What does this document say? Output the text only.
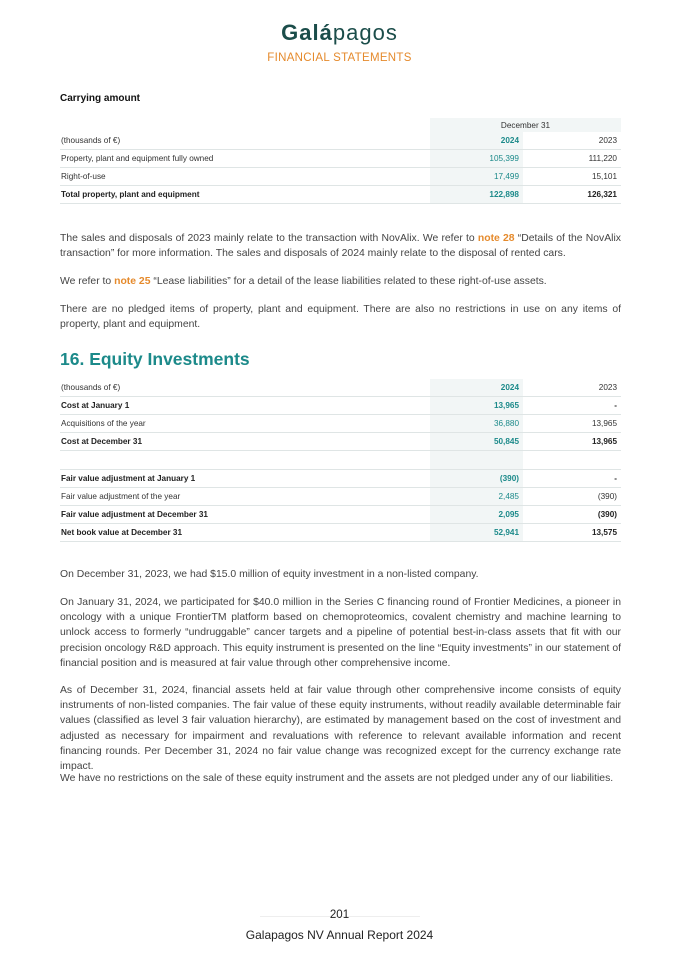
Galápagos
FINANCIAL STATEMENTS
Carrying amount
	December 31	
(thousands of €)	2024	2023
Property, plant and equipment fully owned	105,399	111,220
Right-of-use	17,499	15,101
Total property, plant and equipment	122,898	126,321

The sales and disposals of 2023 mainly relate to the transaction with NovAlix. We refer to note 28 “Details of the NovAlix transaction” for more information. The sales and disposals of 2024 mainly relate to the disposal of rented cars.

We refer to note 25 “Lease liabilities” for a detail of the lease liabilities related to these right-of-use assets.

There are no pledged items of property, plant and equipment. There are also no restrictions in use on any items of property, plant and equipment.

16. Equity Investments
(thousands of €)	2024	2023
Cost at January 1	13,965	-
Acquisitions of the year	36,880	13,965
Cost at December 31	50,845	13,965

Fair value adjustment at January 1	(390)	-
Fair value adjustment of the year	2,485	(390)
Fair value adjustment at December 31	2,095	(390)
Net book value at December 31	52,941	13,575

On December 31, 2023, we had $15.0 million of equity investment in a non-listed company.

On January 31, 2024, we participated for $40.0 million in the Series C financing round of Frontier Medicines, a pioneer in oncology with a unique FrontierTM platform based on chemoproteomics, covalent chemistry and machine learning to unlock access to formerly “undruggable” cancer targets and a pipeline of potential best-in-class assets that fit with our precision oncology R&D approach. This equity instrument is presented on the line “Equity investments” in our statement of financial position and is measured at fair value through other comprehensive income.

As of December 31, 2024, financial assets held at fair value through other comprehensive income consists of equity instruments of non-listed companies. The fair value of these equity instruments, without readily available determinable fair values (classified as level 3 fair valuation hierarchy), are estimated by management based on the cost of investment and adjusted as necessary for impairment and revaluations with reference to relevant available information and recent financing rounds. Per December 31, 2024 no fair value change was recognized except for the currency exchange rate impact.

We have no restrictions on the sale of these equity instrument and the assets are not pledged under any of our liabilities.

201
Galapagos NV Annual Report 2024
